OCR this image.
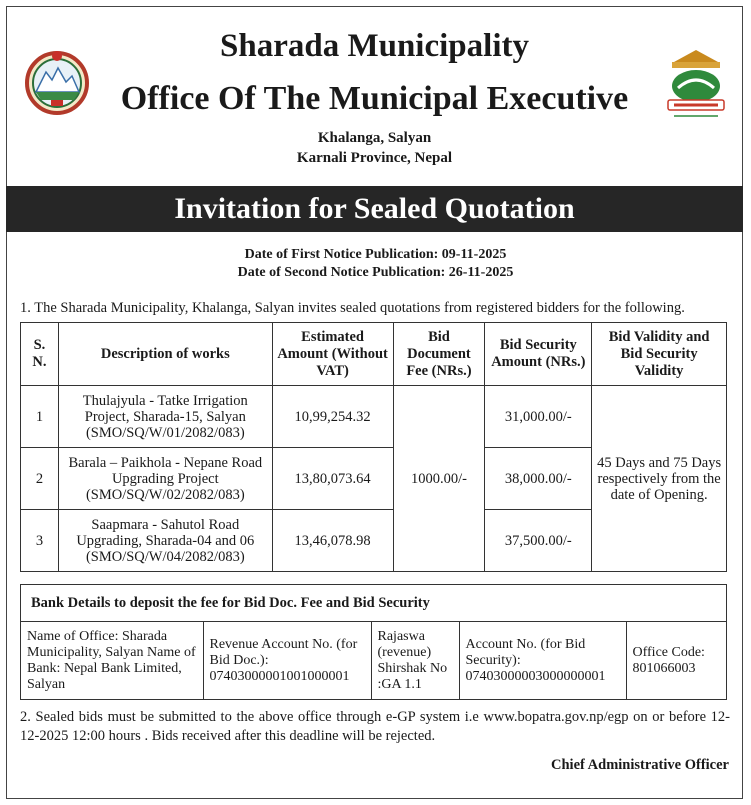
Sharada Municipality
Office Of The Municipal Executive
Khalanga, Salyan
Karnali Province, Nepal
Invitation for Sealed Quotation
Date of First Notice Publication: 09-11-2025
Date of Second Notice Publication: 26-11-2025
1. The Sharada Municipality, Khalanga, Salyan invites sealed quotations from registered bidders for the following.
S. N.	Description of works	Estimated Amount (Without VAT)	Bid Document Fee (NRs.)	Bid Security Amount (NRs.)	Bid Validity and Bid Security Validity
1	Thulajyula - Tatke Irrigation Project, Sharada-15, Salyan (SMO/SQ/W/01/2082/083)	10,99,254.32	1000.00/-	31,000.00/-	45 Days and 75 Days respectively from the date of Opening.
2	Barala – Paikhola - Nepane Road Upgrading Project (SMO/SQ/W/02/2082/083)	13,80,073.64		38,000.00/-	
3	Saapmara - Sahutol Road Upgrading, Sharada-04 and 06 (SMO/SQ/W/04/2082/083)	13,46,078.98		37,500.00/-	
Bank Details to deposit the fee for Bid Doc. Fee and Bid Security
Name of Office: Sharada Municipality, Salyan Name of Bank: Nepal Bank Limited, Salyan	Revenue Account No. (for Bid Doc.): 07403000001001000001	Rajaswa (revenue) Shirshak No :GA 1.1	Account No. (for Bid Security): 07403000003000000001	Office Code: 801066003
2. Sealed bids must be submitted to the above office through e-GP system i.e www.bopatra.gov.np/egp on or before 12-12-2025 12:00 hours . Bids received after this deadline will be rejected.
Chief Administrative Officer
